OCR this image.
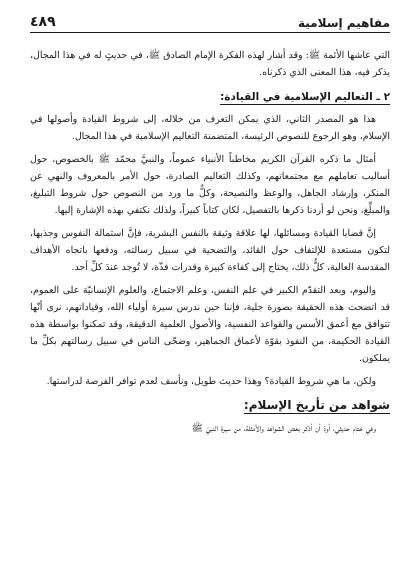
مفاهيم إسلامية
٤٨٩

التي عاشها الأئمة ﷺ: وقد أشار لهذه الفكرة الإمام الصادق ﷺ، في حديثٍ له في هذا المجال، يذكر فيه، هذا المعنى الذي ذكرناه.

٢ ـ التعاليم الإسلامية في القيادة:

هذا هو المصدر الثاني، الذي يمكن التعرف من خلاله، إلى شروط القيادة وأصولها في الإسلام، وهو الرجوع للنصوص الرئيسة، المتضمنة التعاليم الإسلامية في هذا المجال.

أمثال ما ذكره القرآن الكريم مخاطباً الأنبياء عموماً، والنبيَّ محمّد ﷺ بالخصوص، حول أساليب تعاملهم مع مجتمعاتهم، وكذلك التعاليم الصادرة، حول الأمر بالمعروف والنهي عن المنكر، وإرشاد الجاهل، والوعظ والنصيحة، وكلٌّ ما ورد من النصوص حول شروط التبليغ، والمبلِّغ، ونحن لو أردنا ذكرها بالتفصيل، لكان كتاباً كبيراً، ولذلك نكتفي بهذه الإشارة إليها.

إنَّ قضايا القيادة ومسائلها، لها علاقة وثيقة بالنفس البشرية، فإنَّ استمالة النفوس وجذبها، لتكون مستعدة للإلتفاف حول القائد، والتضحية في سبيل رسالته، ودفعها باتجاه الأهداف المقدسة العالية، كلُّ ذلك، يحتاج إلى كفاءة كبيرة وقدرات فذّة، لا تُوجد عندَ كلِّ أحد.

واليوم، وبعد التقدّم الكبير في علم النفس، وعلم الاجتماع، والعلوم الإنسانيّة على العموم، قد اتضحت هذه الحقيقة بصورة جلية، فإننا حين ندرس سيرة أولياء الله، وقياداتهم، نرى أنّها تتوافق مع أعمق الأسس والقواعد النفسية، والأصول العلمية الدقيقة، وقد تمكنوا بواسطة هذه القيادة الحكيمة، من النفوذ بقوّة لأعماق الجماهير، وضحّى الناس في سبيل رسالتهم بكلِّ ما يملكون.

ولكن، ما هي شروط القيادة؟ وهذا حديث طويل، ونأسف لعدم توافر الفرصة لدراستها.

شواهد من تأريخ الإسلام:

وفي ختام حديثي، أودّ أن أذكر بعض الشواهد والأمثلة، من سيرة النبيّ ﷺ
